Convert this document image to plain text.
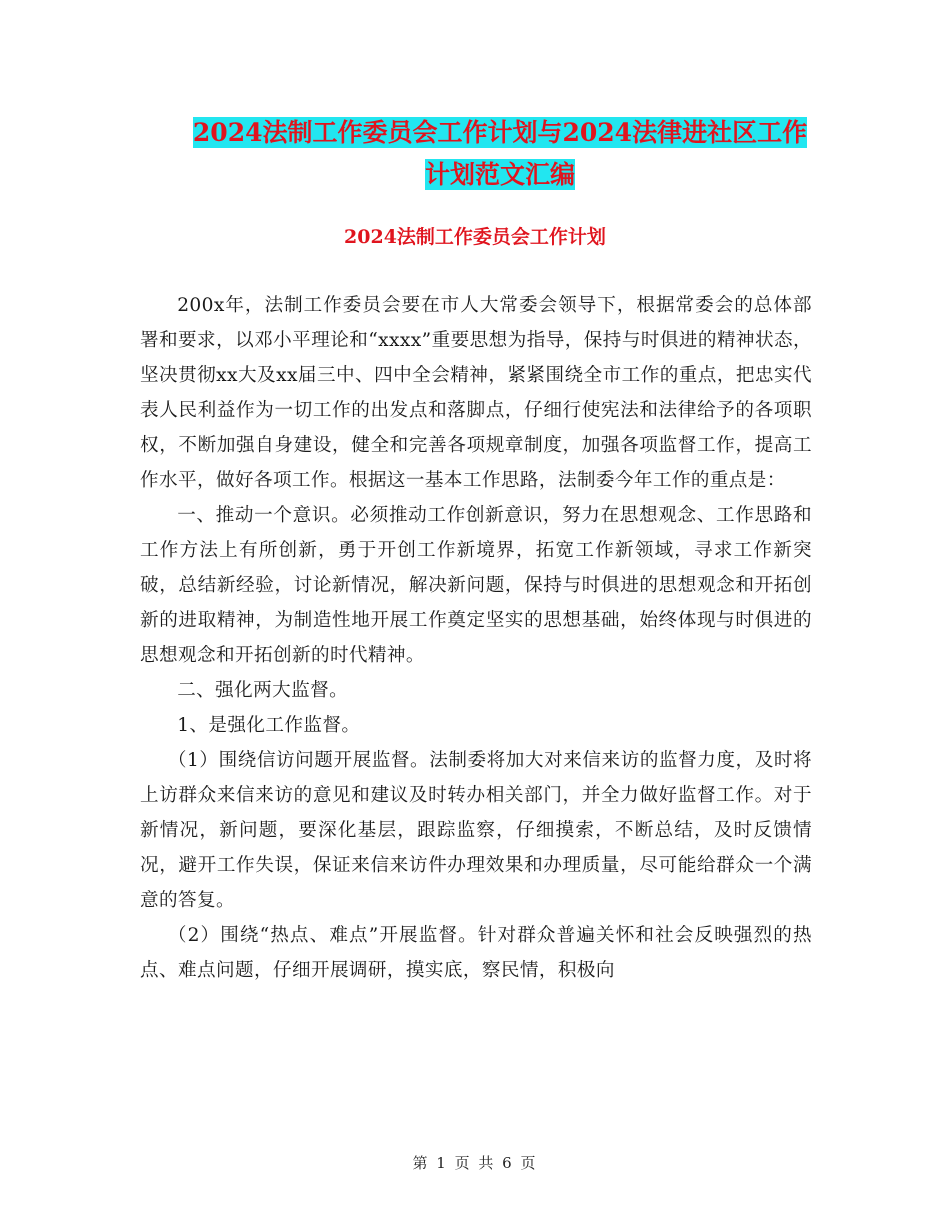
2024法制工作委员会工作计划与2024法律进社区工作
计划范文汇编
2024法制工作委员会工作计划

200x年，法制工作委员会要在市人大常委会领导下，根据常委会的总体部署和要求，以邓小平理论和“xxxx”重要思想为指导，保持与时俱进的精神状态，坚决贯彻xx大及xx届三中、四中全会精神，紧紧围绕全市工作的重点，把忠实代表人民利益作为一切工作的出发点和落脚点，仔细行使宪法和法律给予的各项职权，不断加强自身建设，健全和完善各项规章制度，加强各项监督工作，提高工作水平，做好各项工作。根据这一基本工作思路，法制委今年工作的重点是：

一、推动一个意识。必须推动工作创新意识，努力在思想观念、工作思路和工作方法上有所创新，勇于开创工作新境界，拓宽工作新领域，寻求工作新突破，总结新经验，讨论新情况，解决新问题，保持与时俱进的思想观念和开拓创新的进取精神，为制造性地开展工作奠定坚实的思想基础，始终体现与时俱进的思想观念和开拓创新的时代精神。

二、强化两大监督。

1、是强化工作监督。

（1）围绕信访问题开展监督。法制委将加大对来信来访的监督力度，及时将上访群众来信来访的意见和建议及时转办相关部门，并全力做好监督工作。对于新情况，新问题，要深化基层，跟踪监察，仔细摸索，不断总结，及时反馈情况，避开工作失误，保证来信来访件办理效果和办理质量，尽可能给群众一个满意的答复。

（2）围绕“热点、难点”开展监督。针对群众普遍关怀和社会反映强烈的热点、难点问题，仔细开展调研，摸实底，察民情，积极向

第 1 页 共 6 页
